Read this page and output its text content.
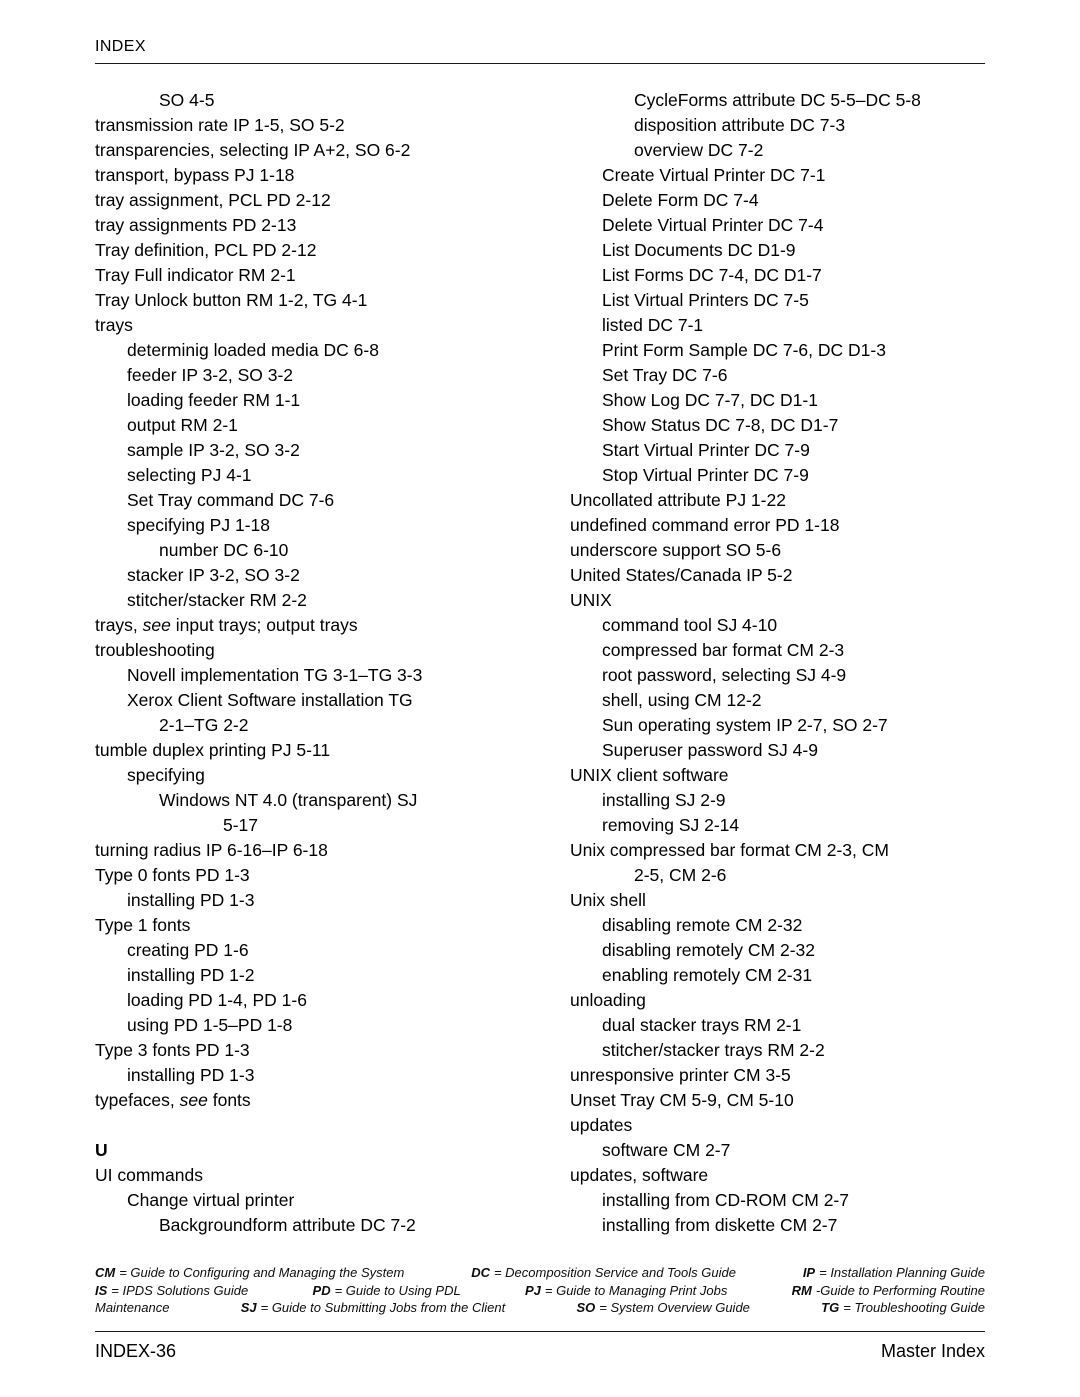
INDEX
SO 4-5
transmission rate IP 1-5, SO 5-2
transparencies, selecting IP A+2, SO 6-2
transport, bypass PJ 1-18
tray assignment, PCL PD 2-12
tray assignments PD 2-13
Tray definition, PCL PD 2-12
Tray Full indicator RM 2-1
Tray Unlock button RM 1-2, TG 4-1
trays
determinig loaded media DC 6-8
feeder IP 3-2, SO 3-2
loading feeder RM 1-1
output RM 2-1
sample IP 3-2, SO 3-2
selecting PJ 4-1
Set Tray command DC 7-6
specifying PJ 1-18
number DC 6-10
stacker IP 3-2, SO 3-2
stitcher/stacker RM 2-2
trays, see input trays; output trays
troubleshooting
Novell implementation TG 3-1–TG 3-3
Xerox Client Software installation TG
2-1–TG 2-2
tumble duplex printing PJ 5-11
specifying
Windows NT 4.0 (transparent) SJ
5-17
turning radius IP 6-16–IP 6-18
Type 0 fonts PD 1-3
installing PD 1-3
Type 1 fonts
creating PD 1-6
installing PD 1-2
loading PD 1-4, PD 1-6
using PD 1-5–PD 1-8
Type 3 fonts PD 1-3
installing PD 1-3
typefaces, see fonts
U
UI commands
Change virtual printer
Backgroundform attribute DC 7-2
CycleForms attribute DC 5-5–DC 5-8
disposition attribute DC 7-3
overview DC 7-2
Create Virtual Printer DC 7-1
Delete Form DC 7-4
Delete Virtual Printer DC 7-4
List Documents DC D1-9
List Forms DC 7-4, DC D1-7
List Virtual Printers DC 7-5
listed DC 7-1
Print Form Sample DC 7-6, DC D1-3
Set Tray DC 7-6
Show Log DC 7-7, DC D1-1
Show Status DC 7-8, DC D1-7
Start Virtual Printer DC 7-9
Stop Virtual Printer DC 7-9
Uncollated attribute PJ 1-22
undefined command error PD 1-18
underscore support SO 5-6
United States/Canada IP 5-2
UNIX
command tool SJ 4-10
compressed bar format CM 2-3
root password, selecting SJ 4-9
shell, using CM 12-2
Sun operating system IP 2-7, SO 2-7
Superuser password SJ 4-9
UNIX client software
installing SJ 2-9
removing SJ 2-14
Unix compressed bar format CM 2-3, CM
2-5, CM 2-6
Unix shell
disabling remote CM 2-32
disabling remotely CM 2-32
enabling remotely CM 2-31
unloading
dual stacker trays RM 2-1
stitcher/stacker trays RM 2-2
unresponsive printer CM 3-5
Unset Tray CM 5-9, CM 5-10
updates
software CM 2-7
updates, software
installing from CD-ROM CM 2-7
installing from diskette CM 2-7
CM = Guide to Configuring and Managing the System	DC = Decomposition Service and Tools Guide	IP = Installation Planning Guide
IS = IPDS Solutions Guide	PD = Guide to Using PDL	PJ = Guide to Managing Print Jobs	RM -Guide to Performing Routine
Maintenance	SJ = Guide to Submitting Jobs from the Client	SO = System Overview Guide	TG = Troubleshooting Guide
INDEX-36	Master Index
